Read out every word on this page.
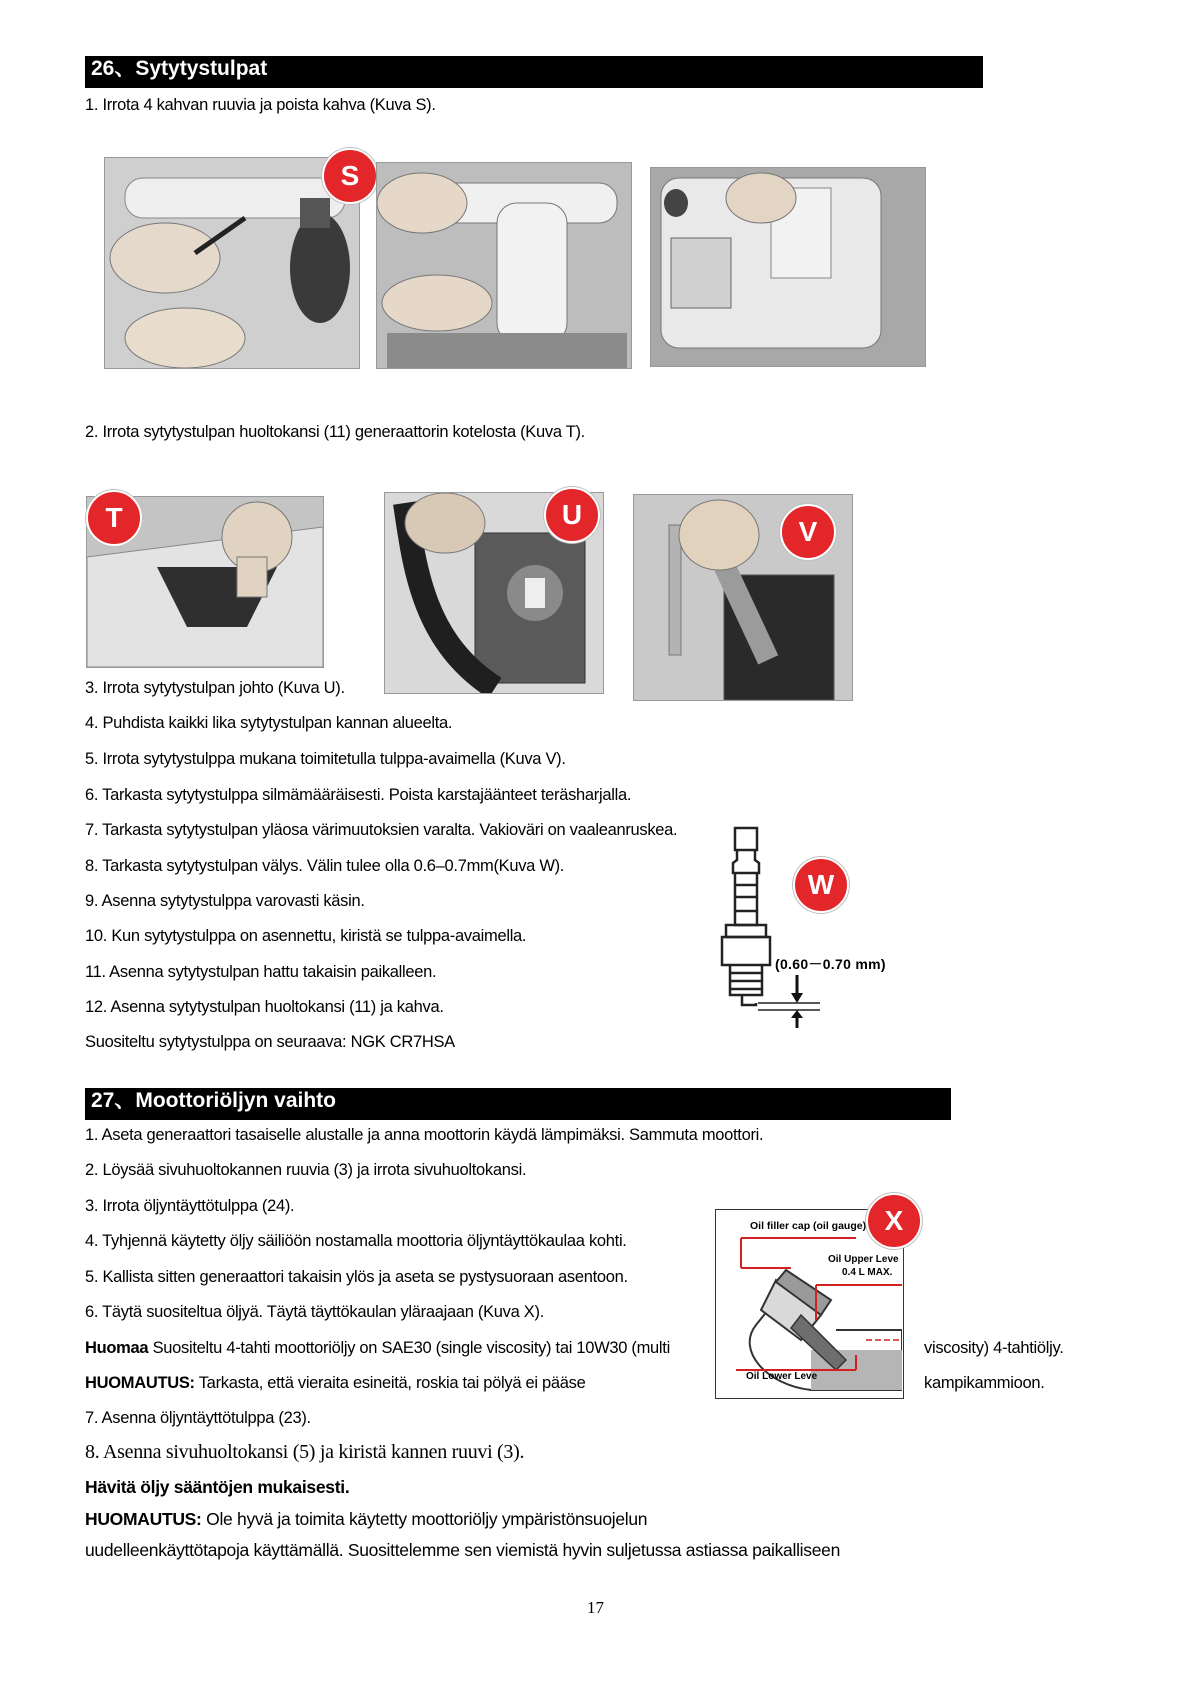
26、Sytytystulpat
1. Irrota 4 kahvan ruuvia ja poista kahva (Kuva S).
S
2. Irrota sytytystulpan huoltokansi (11) generaattorin kotelosta (Kuva T).
T	U
V
3. Irrota sytytystulpan johto (Kuva U).
4. Puhdista kaikki lika sytytystulpan kannan alueelta.
5. Irrota sytytystulppa mukana toimitetulla tulppa-avaimella (Kuva V).
6. Tarkasta sytytystulppa silmämääräisesti. Poista karstajäänteet teräsharjalla.
7. Tarkasta sytytystulpan yläosa värimuutoksien varalta. Vakioväri on vaaleanruskea.
8. Tarkasta sytytystulpan välys. Välin tulee olla 0.6–0.7mm(Kuva W).
9. Asenna sytytystulppa varovasti käsin.
10. Kun sytytystulppa on asennettu, kiristä se tulppa-avaimella.
11. Asenna sytytystulpan hattu takaisin paikalleen.
12. Asenna sytytystulpan huoltokansi (11) ja kahva.
Suositeltu sytytystulppa on seuraava: NGK CR7HSA
W
(0.60－0.70 mm)
27、Moottoriöljyn vaihto
1. Aseta generaattori tasaiselle alustalle ja anna moottorin käydä lämpimäksi. Sammuta moottori.
2. Löysää sivuhuoltokannen ruuvia (3) ja irrota sivuhuoltokansi.
3. Irrota öljyntäyttötulppa (24).
4. Tyhjennä käytetty öljy säiliöön nostamalla moottoria öljyntäyttökaulaa kohti.
5. Kallista sitten generaattori takaisin ylös ja aseta se pystysuoraan asentoon.
6. Täytä suositeltua öljyä. Täytä täyttökaulan yläraajaan (Kuva X).
Huomaa Suositeltu 4-tahti moottoriöljy on SAE30 (single viscosity) tai 10W30 (multi	viscosity) 4-tahtiöljy.
HUOMAUTUS: Tarkasta, että vieraita esineitä, roskia tai pölyä ei pääse	kampikammioon.
7. Asenna öljyntäyttötulppa (23).
8. Asenna sivuhuoltokansi (5) ja kiristä kannen ruuvi (3).
Hävitä öljy sääntöjen mukaisesti.
HUOMAUTUS: Ole hyvä ja toimita käytetty moottoriöljy ympäristönsuojelun
uudelleenkäyttötapoja käyttämällä. Suosittelemme sen viemistä hyvin suljetussa astiassa paikalliseen
Oil filler cap (oil gauge)
Oil Upper Leve
0.4 L MAX.
Oil Lower Leve
X
17
